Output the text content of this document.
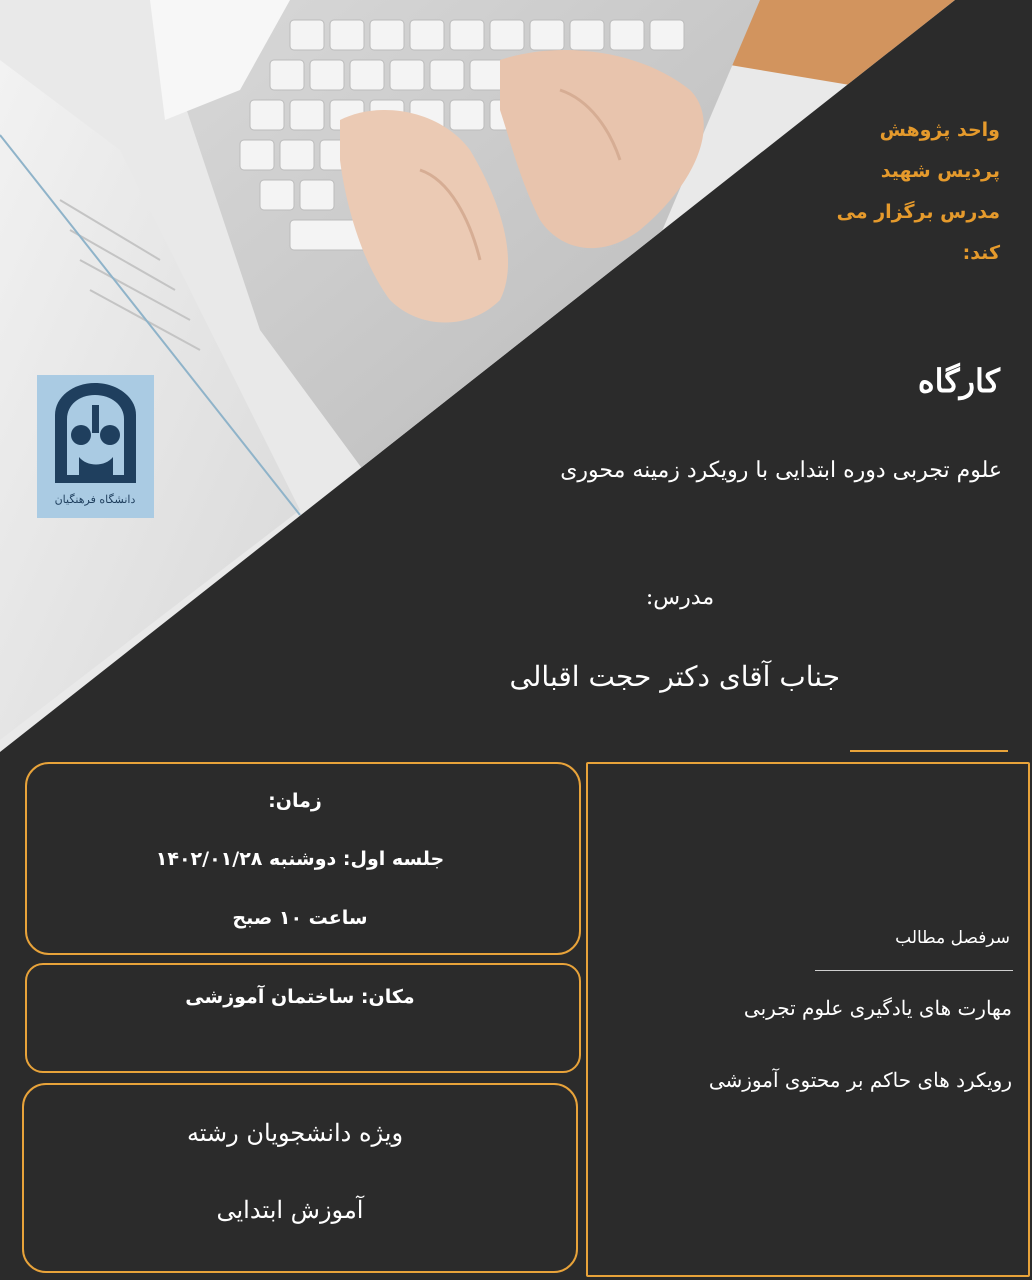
واحد پژوهش
پردیس شهید
مدرس برگزار می
کند:
دانشگاه فرهنگیان
کارگاه
علوم تجربی دوره ابتدایی با رویکرد زمینه محوری
مدرس:
جناب آقای دکتر حجت اقبالی
زمان:
جلسه اول: دوشنبه ۱۴۰۲/۰۱/۲۸
ساعت ۱۰ صبح
مکان: ساختمان آموزشی
ویژه دانشجویان رشته
آموزش ابتدایی
سرفصل مطالب
مهارت های یادگیری علوم تجربی
رویکرد های حاکم بر محتوی آموزشی
